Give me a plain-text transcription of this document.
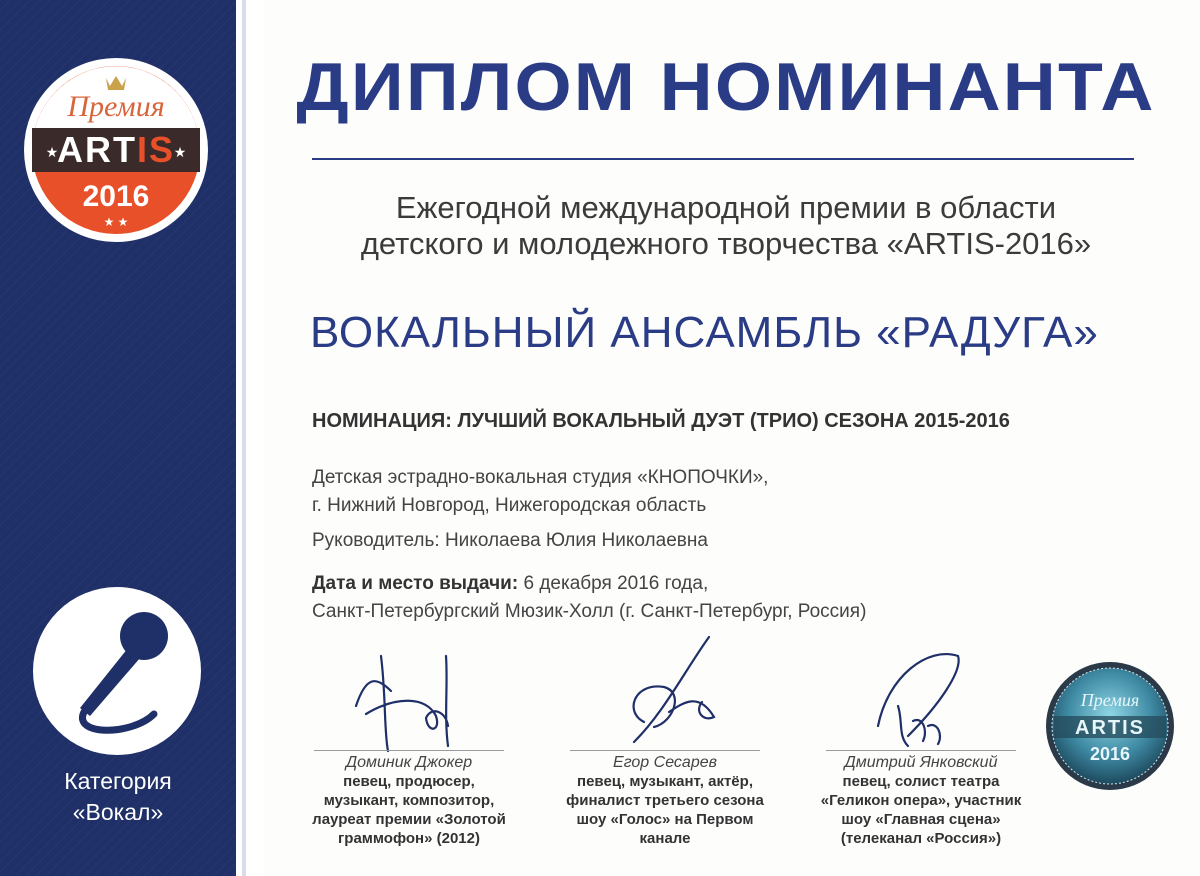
Премия
★	★
ARTIS
2016
★ ★
Категория
«Вокал»
ДИПЛОМ НОМИНАНТА
Ежегодной международной премии в области
детского и молодежного творчества «ARTIS-2016»
ВОКАЛЬНЫЙ АНСАМБЛЬ «РАДУГА»
НОМИНАЦИЯ: ЛУЧШИЙ ВОКАЛЬНЫЙ ДУЭТ (ТРИО) СЕЗОНА 2015-2016
Детская эстрадно-вокальная студия «КНОПОЧКИ»,
г. Нижний Новгород, Нижегородская область
Руководитель: Николаева Юлия Николаевна
Дата и место выдачи: 6 декабря 2016 года,
Санкт-Петербургский Мюзик-Холл (г. Санкт-Петербург, Россия)
Доминик Джокер
певец, продюсер,
музыкант, композитор,
лауреат премии «Золотой
граммофон» (2012)
Егор Сесарев
певец, музыкант, актёр,
финалист третьего сезона
шоу «Голос» на Первом
канале
Дмитрий Янковский
певец, солист театра
«Геликон опера», участник
шоу «Главная сцена»
(телеканал «Россия»)
Премия
ARTIS
2016
